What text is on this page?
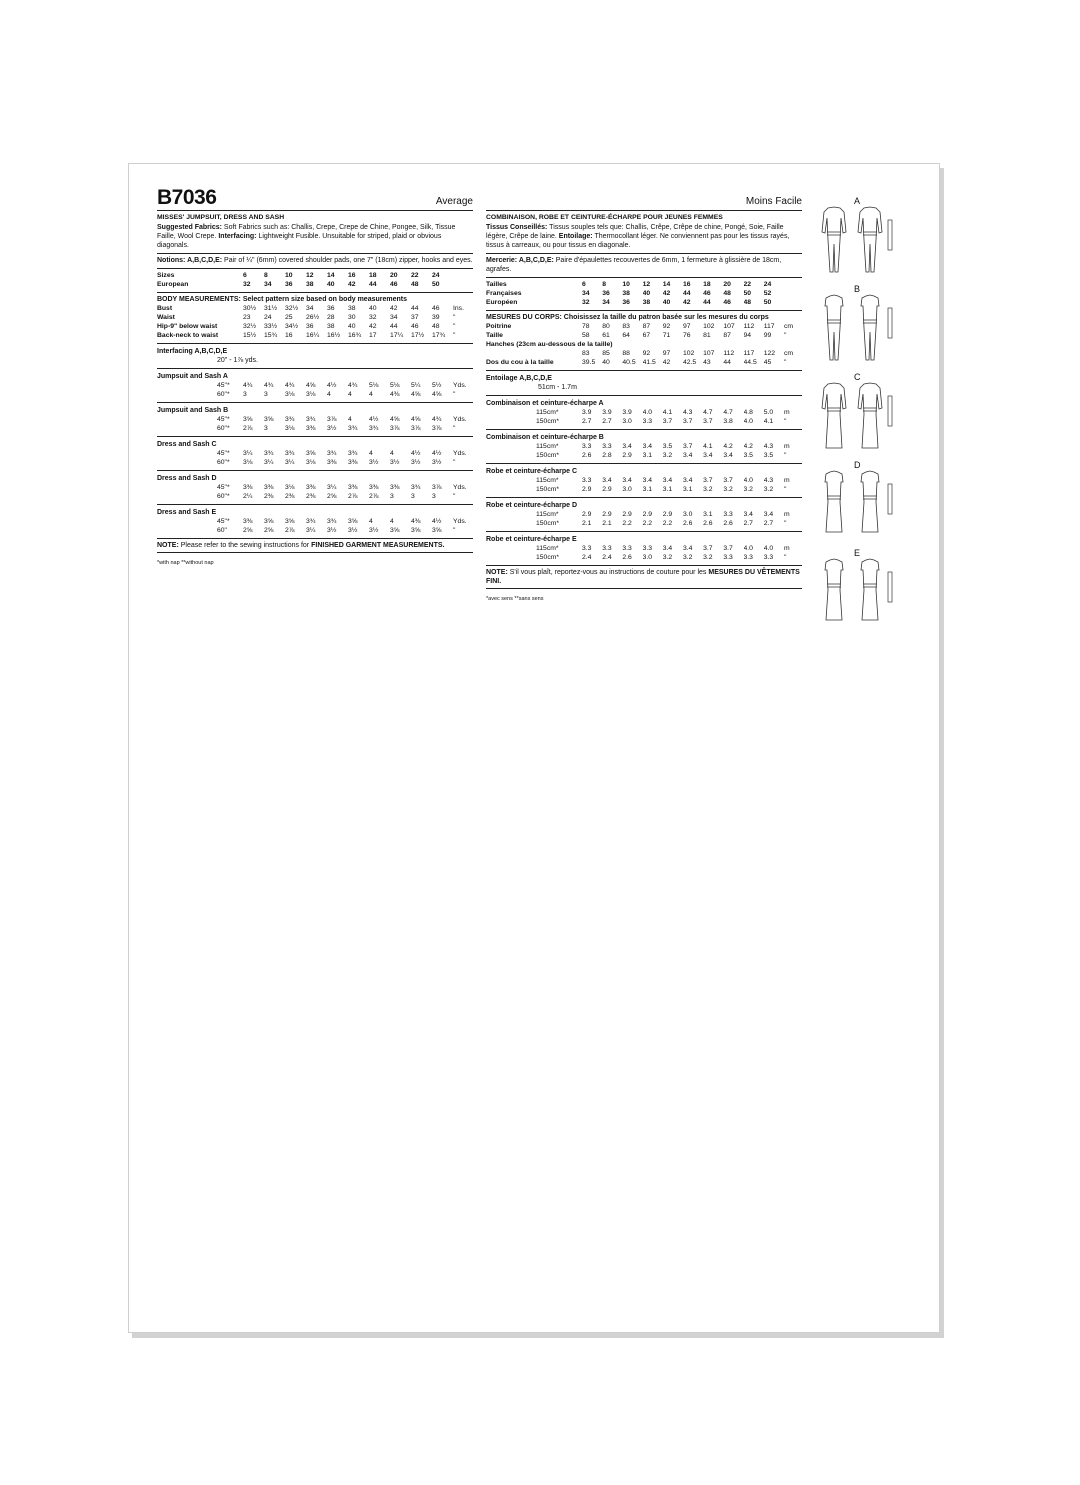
B7036	Average
MISSES' JUMPSUIT, DRESS AND SASH
Suggested Fabrics: Soft Fabrics such as: Challis, Crepe, Crepe de Chine, Pongee, Silk, Tissue Faille, Wool Crepe. Interfacing: Lightweight Fusible. Unsuitable for striped, plaid or obvious diagonals.
Notions: A,B,C,D,E: Pair of ¼" (6mm) covered shoulder pads, one 7" (18cm) zipper, hooks and eyes.
Sizes	6	8	10	12	14	16	18	20	22	24	
European	32	34	36	38	40	42	44	46	48	50	
BODY MEASUREMENTS: Select pattern size based on body measurements
Bust	30½	31½	32½	34	36	38	40	42	44	46	Ins.
Waist	23	24	25	26½	28	30	32	34	37	39	"
Hip-9" below waist	32½	33½	34½	36	38	40	42	44	46	48	"
Back-neck to waist	15½	15¾	16	16¼	16½	16¾	17	17¼	17½	17¾	"
Interfacing A,B,C,D,E
20" - 1⅞ yds.
Jumpsuit and Sash A
45"*	4¾	4¾	4¾	4⅝	4½	4¾	5⅛	5⅛	5¼	5½	Yds.
60"*	3	3	3⅛	3⅛	4	4	4	4⅜	4⅝	4⅝	"
Jumpsuit and Sash B
45"*	3⅝	3⅝	3¾	3¾	3⅞	4	4½	4⅝	4⅝	4¾	Yds.
60"*	2⅞	3	3⅛	3⅜	3½	3¾	3¾	3⅞	3⅞	3⅞	"
Dress and Sash C
45"*	3¼	3¾	3¾	3⅝	3¾	3¾	4	4	4½	4½	Yds.
60"*	3⅛	3¼	3¼	3⅛	3⅜	3⅜	3½	3½	3½	3½	"
Dress and Sash D
45"*	3⅜	3⅜	3⅛	3⅜	3¼	3⅜	3⅜	3⅜	3¾	3⅞	Yds.
60"*	2¼	2⅜	2⅜	2⅜	2⅝	2⅞	2⅞	3	3	3	"
Dress and Sash E
45"*	3⅜	3⅝	3⅝	3¾	3¾	3⅝	4	4	4⅜	4½	Yds.
60"	2⅝	2⅝	2⅞	3¼	3½	3½	3½	3⅝	3⅝	3⅝	"
NOTE: Please refer to the sewing instructions for FINISHED GARMENT MEASUREMENTS.
*with nap **without nap
Moins Facile
COMBINAISON, ROBE ET CEINTURE-ÉCHARPE POUR JEUNES FEMMES
Tissus Conseillés: Tissus souples tels que: Challis, Crêpe, Crêpe de chine, Pongé, Soie, Faille légère, Crêpe de laine. Entoilage: Thermocollant léger. Ne conviennent pas pour les tissus rayés, tissus à carreaux, ou pour tissus en diagonale.
Mercerie: A,B,C,D,E: Paire d'épaulettes recouvertes de 6mm, 1 fermeture à glissière de 18cm, agrafes.
Tailles	6	8	10	12	14	16	18	20	22	24	
Françaises	34	36	38	40	42	44	46	48	50	52	
Européen	32	34	36	38	40	42	44	46	48	50	
MESURES DU CORPS: Choisissez la taille du patron basée sur les mesures du corps
Poitrine	78	80	83	87	92	97	102	107	112	117	cm
Taille	58	61	64	67	71	76	81	87	94	99	"
Hanches (23cm au-dessous de la taille)											
	83	85	88	92	97	102	107	112	117	122	cm
Dos du cou à la taille	39.5	40	40.5	41.5	42	42.5	43	44	44.5	45	"
Entoilage A,B,C,D,E
51cm - 1.7m
Combinaison et ceinture-écharpe A
115cm*	3.9	3.9	3.9	4.0	4.1	4.3	4.7	4.7	4.8	5.0	m
150cm*	2.7	2.7	3.0	3.3	3.7	3.7	3.7	3.8	4.0	4.1	"
Combinaison et ceinture-écharpe B
115cm*	3.3	3.3	3.4	3.4	3.5	3.7	4.1	4.2	4.2	4.3	m
150cm*	2.6	2.8	2.9	3.1	3.2	3.4	3.4	3.4	3.5	3.5	"
Robe et ceinture-écharpe C
115cm*	3.3	3.4	3.4	3.4	3.4	3.4	3.7	3.7	4.0	4.3	m
150cm*	2.9	2.9	3.0	3.1	3.1	3.1	3.2	3.2	3.2	3.2	"
Robe et ceinture-écharpe D
115cm*	2.9	2.9	2.9	2.9	2.9	3.0	3.1	3.3	3.4	3.4	m
150cm*	2.1	2.1	2.2	2.2	2.2	2.6	2.6	2.6	2.7	2.7	"
Robe et ceinture-écharpe E
115cm*	3.3	3.3	3.3	3.3	3.4	3.4	3.7	3.7	4.0	4.0	m
150cm*	2.4	2.4	2.6	3.0	3.2	3.2	3.2	3.3	3.3	3.3	"
NOTE: S'il vous plaît, reportez-vous au instructions de couture pour les MESURES DU VÊTEMENTS FINI.
*avec sens **sans sens
A
B
C
D
E
